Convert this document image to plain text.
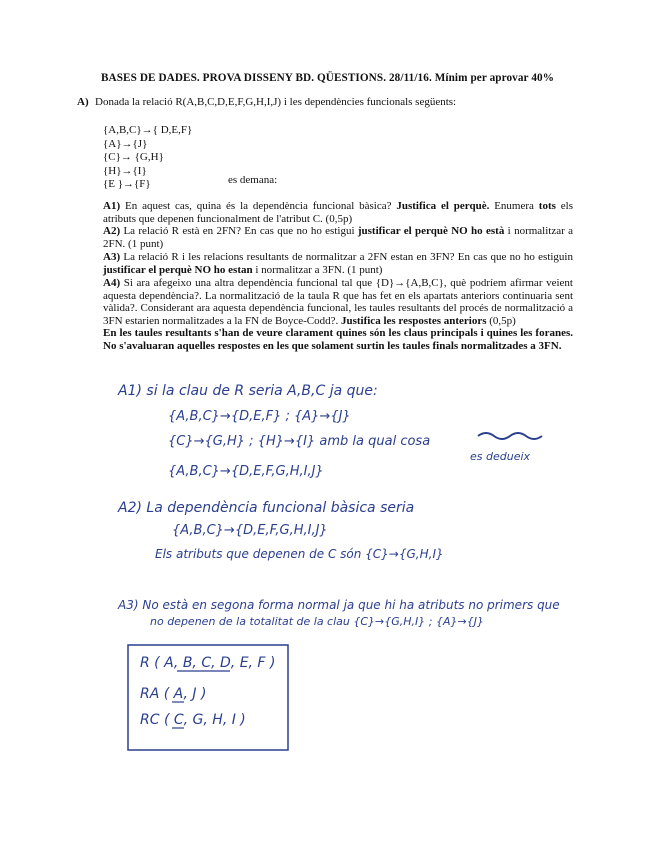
BASES DE DADES. PROVA DISSENY BD. QÜESTIONS. 28/11/16. Mínim per aprovar 40%
A) Donada la relació R(A,B,C,D,E,F,G,H,I,J) i les dependències funcionals següents:
{A,B,C}→{ D,E,F}
{A}→{J}
{C}→ {G,H}
{H}→{I}
{E }→{F}	es demana:
A1) En aquest cas, quina és la dependència funcional bàsica? Justifica el perquè. Enumera tots els atributs que depenen funcionalment de l'atribut C. (0,5p)
A2) La relació R està en 2FN? En cas que no ho estigui justificar el perquè NO ho està i normalitzar a 2FN. (1 punt)
A3) La relació R i les relacions resultants de normalitzar a 2FN estan en 3FN? En cas que no ho estiguin justificar el perquè NO ho estan i normalitzar a 3FN. (1 punt)
A4) Si ara afegeixo una altra dependència funcional tal que {D}→{A,B,C}, què podríem afirmar veient aquesta dependència?. La normalització de la taula R que has fet en els apartats anteriors continuaria sent vàlida?. Considerant ara aquesta dependència funcional, les taules resultants del procés de normalització a 3FN estarien normalitzades a la FN de Boyce-Codd?. Justifica les respostes anteriors (0,5p)
En les taules resultants s'han de veure clarament quines són les claus principals i quines les foranes. No s'avaluaran aquelles respostes en les que solament surtin les taules finals normalitzades a 3FN.
A1) si la clau de R seria A,B,C ja que:
{A,B,C}→{D,E,F} ; {A}→{J}
{C}→{G,H} ; {H}→{I} amb la qual cosa
es dedueix
{A,B,C}→{D,E,F,G,H,I,J}
A2) La dependència funcional bàsica seria
{A,B,C}→{D,E,F,G,H,I,J}
Els atributs que depenen de C són {C}→{G,H,I}
A3) No està en segona forma normal ja que hi ha atributs no primers que
no depenen de la totalitat de la clau {C}→{G,H,I} ; {A}→{J}
R ( A, B, C, D, E, F )
RA ( A, J )
RC ( C, G, H, I )
